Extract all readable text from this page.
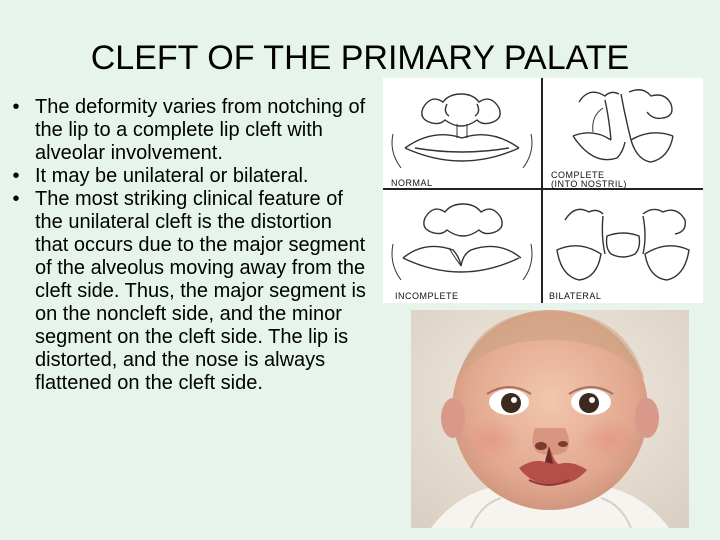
CLEFT OF THE PRIMARY PALATE
• The deformity varies from notching of the lip to a complete lip cleft with alveolar involvement.
• It may be unilateral or bilateral.
• The most striking clinical feature of the unilateral cleft is the distortion that occurs due to the major segment of the alveolus moving away from the cleft side. Thus, the major segment is on the noncleft side, and the minor segment on the cleft side. The lip is distorted, and the nose is always flattened on the cleft side.
NORMAL
COMPLETE
(INTO NOSTRIL)
INCOMPLETE	BILATERAL
